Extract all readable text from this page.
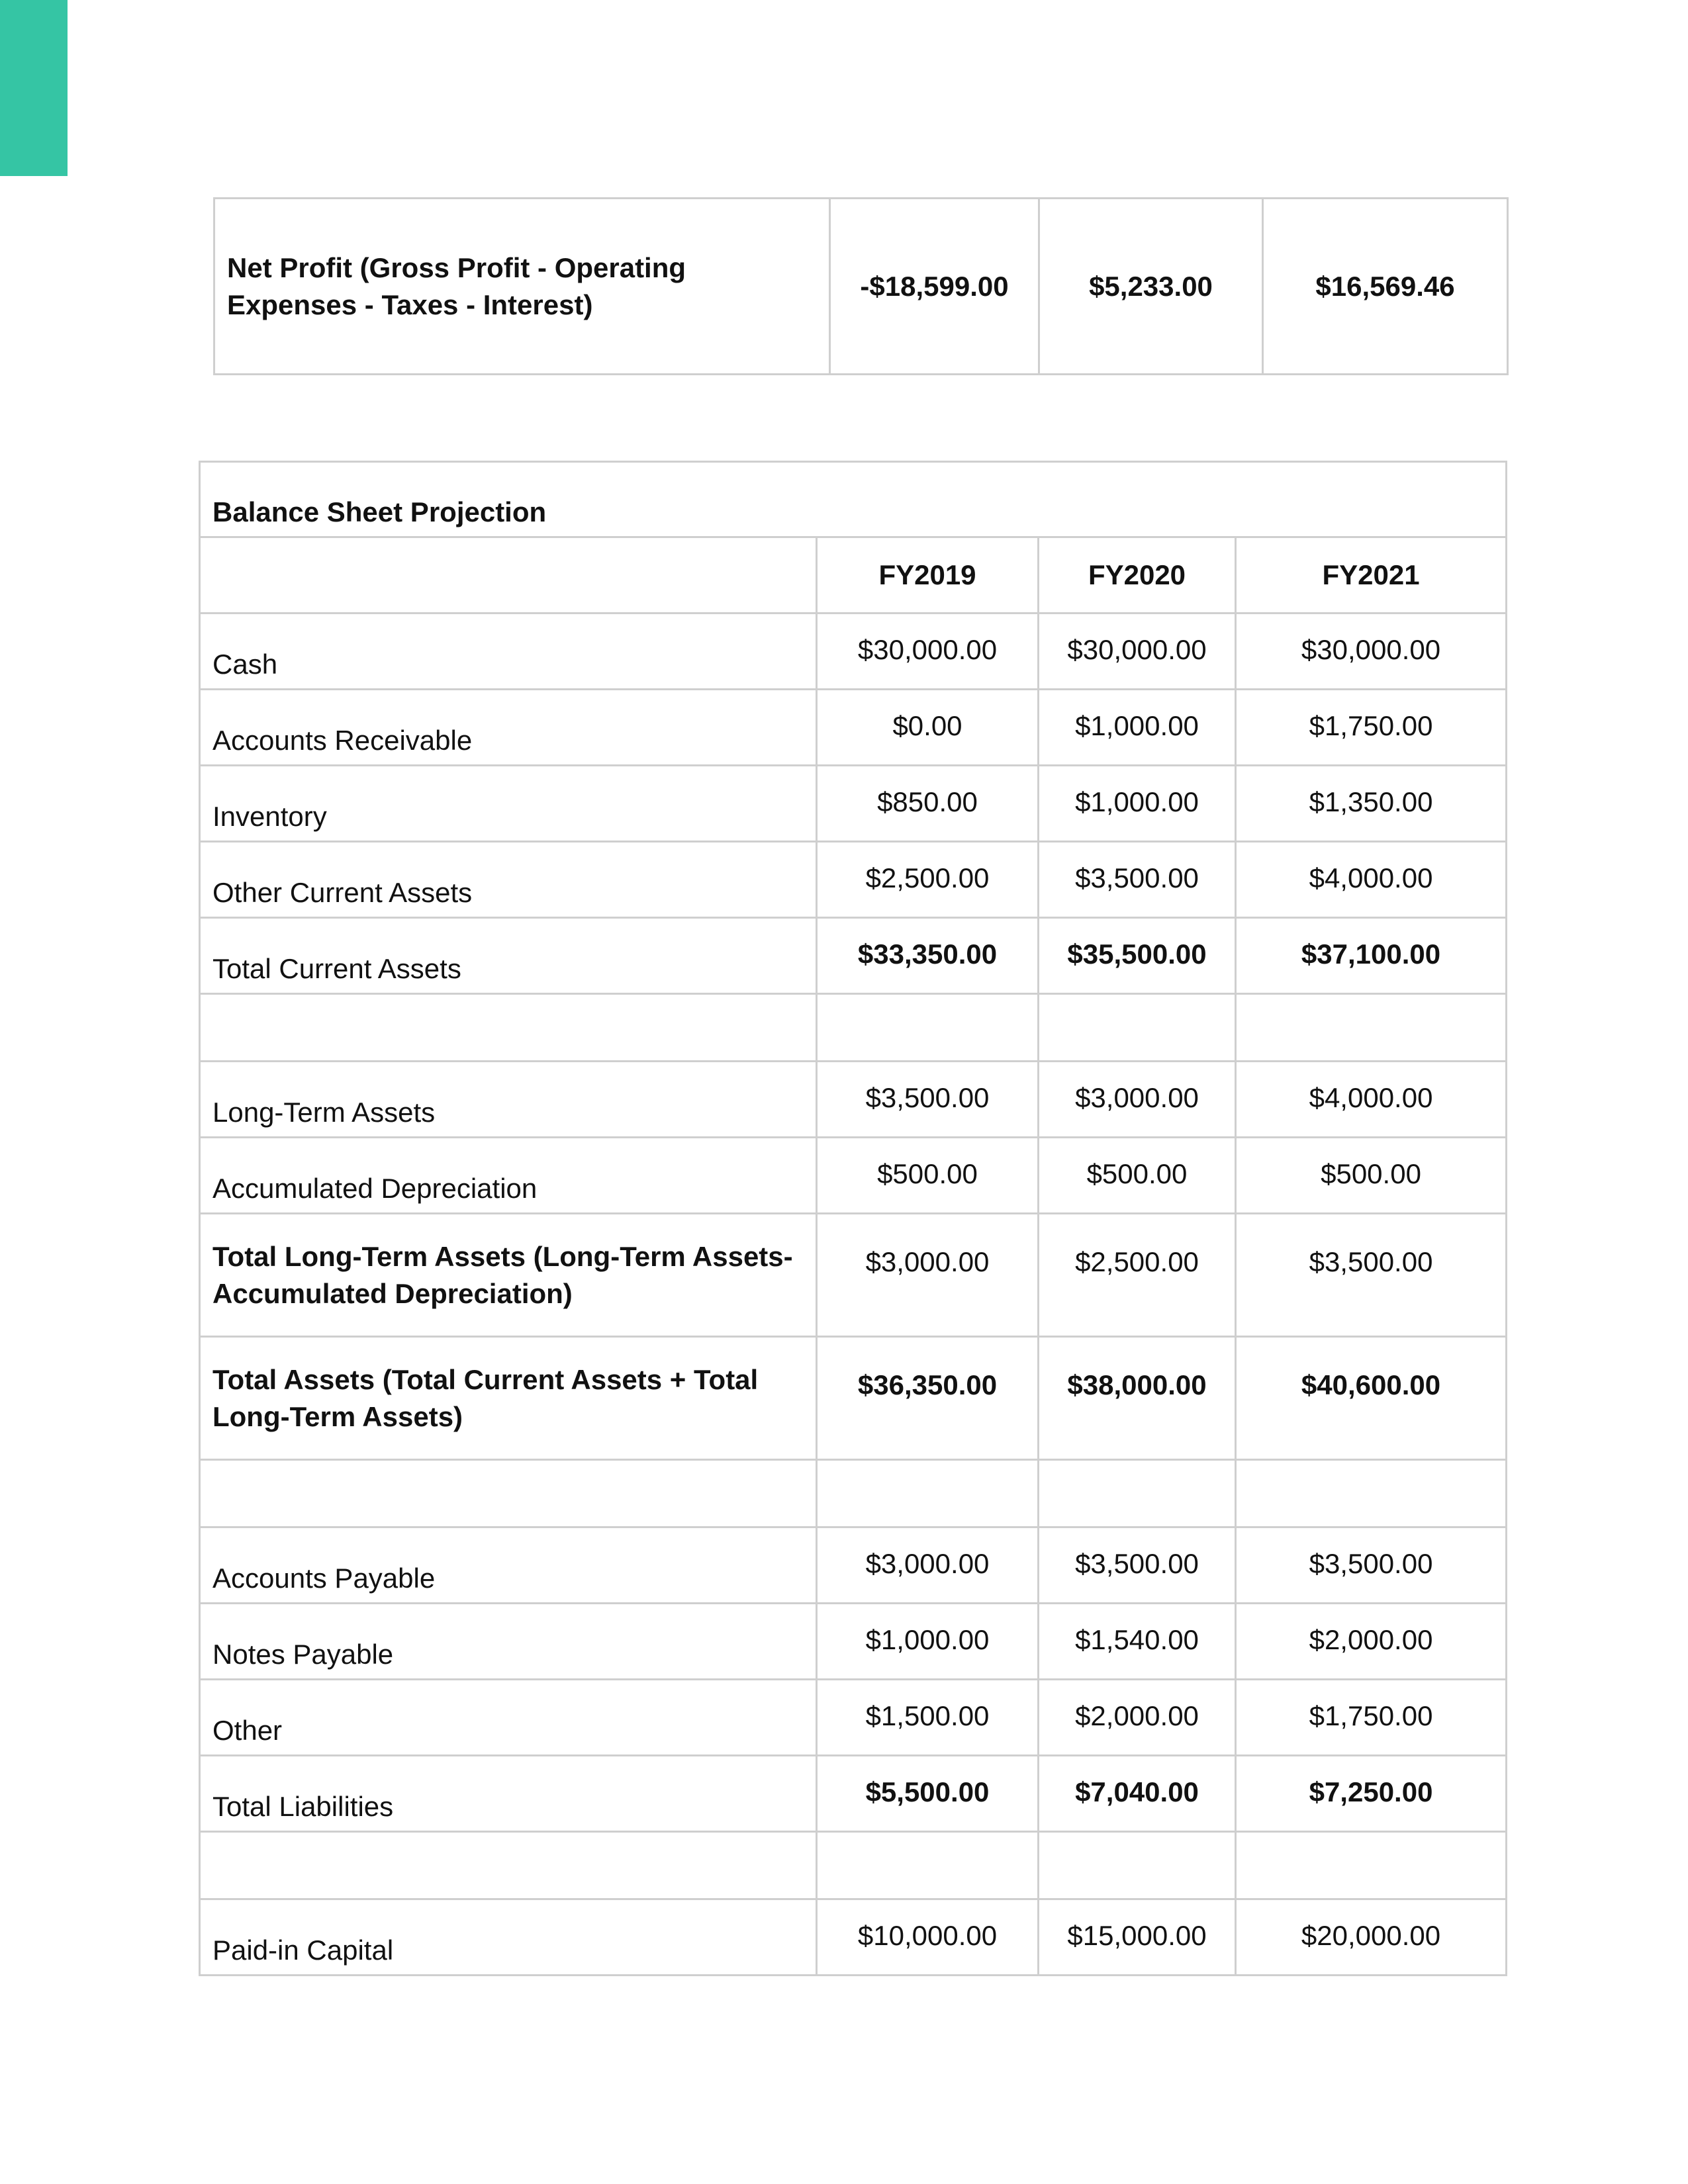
Net Profit (Gross Profit - Operating Expenses - Taxes - Interest)	-$18,599.00	$5,233.00	$16,569.46
Balance Sheet Projection			
	FY2019	FY2020	FY2021
Cash	$30,000.00	$30,000.00	$30,000.00
Accounts Receivable	$0.00	$1,000.00	$1,750.00
Inventory	$850.00	$1,000.00	$1,350.00
Other Current Assets	$2,500.00	$3,500.00	$4,000.00
Total Current Assets	$33,350.00	$35,500.00	$37,100.00

Long-Term Assets	$3,500.00	$3,000.00	$4,000.00
Accumulated Depreciation	$500.00	$500.00	$500.00
Total Long-Term Assets (Long-Term Assets-Accumulated Depreciation)	$3,000.00	$2,500.00	$3,500.00
Total Assets (Total Current Assets + Total Long-Term Assets)	$36,350.00	$38,000.00	$40,600.00

Accounts Payable	$3,000.00	$3,500.00	$3,500.00
Notes Payable	$1,000.00	$1,540.00	$2,000.00
Other	$1,500.00	$2,000.00	$1,750.00
Total Liabilities	$5,500.00	$7,040.00	$7,250.00

Paid-in Capital	$10,000.00	$15,000.00	$20,000.00
